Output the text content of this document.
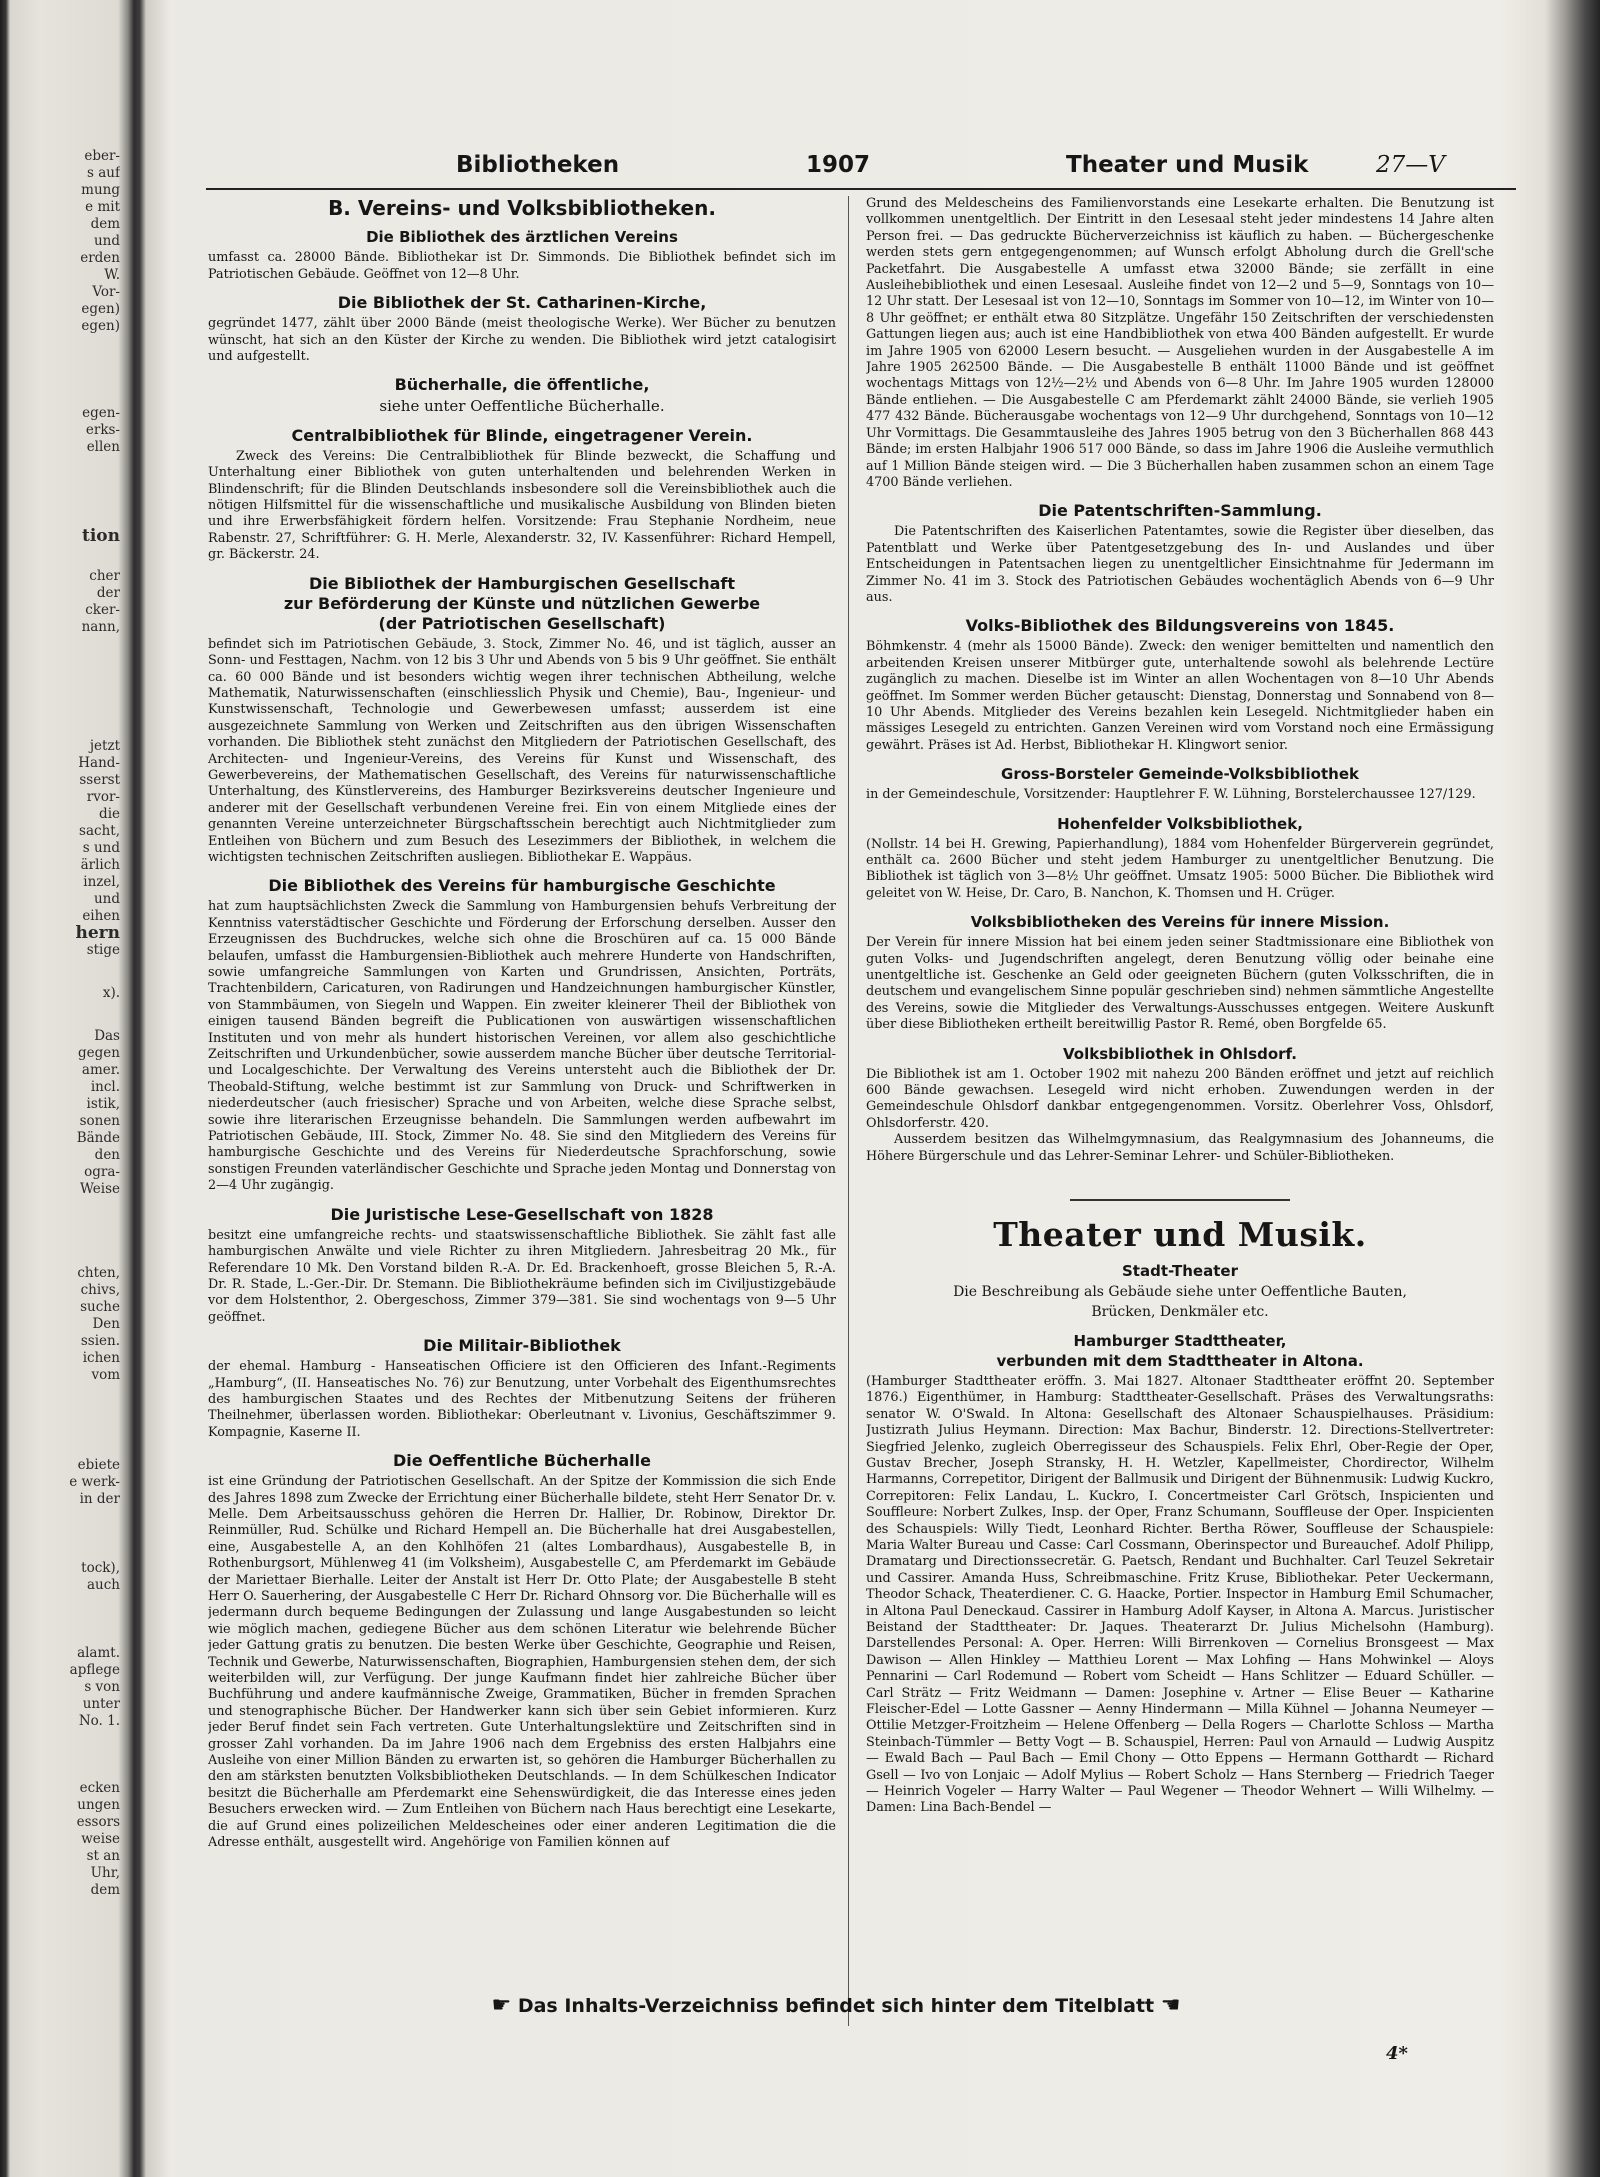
eber-
s auf
mung
e mit
dem
und
erden
W.
Vor-
egen)
egen)
egen-
erks-
ellen
tion
cher
der
cker-
nann,
jetzt
Hand-
sserst
rvor-
die
sacht,
s und
ärlich
inzel,
und
eihen
hern
stige
x).
Das
gegen
amer.
incl.
istik,
sonen
Bände
den
ogra-
Weise
chten,
chivs,
suche
Den
ssien.
ichen
vom
ebiete
e werk-
in der
tock),
auch
alamt.
apflege
s von
unter
No. 1.
ecken
ungen
essors
weise
st an
Uhr,
dem
Bibliotheken	1907	Theater und Musik	27—V
B. Vereins- und Volksbibliotheken.
Die Bibliothek des ärztlichen Vereins

umfasst ca. 28000 Bände. Bibliothekar ist Dr. Simmonds. Die Bibliothek befindet sich im Patriotischen Gebäude. Geöffnet von 12—8 Uhr.

Die Bibliothek der St. Catharinen-Kirche,

gegründet 1477, zählt über 2000 Bände (meist theologische Werke). Wer Bücher zu benutzen wünscht, hat sich an den Küster der Kirche zu wenden. Die Bibliothek wird jetzt catalogisirt und aufgestellt.

Bücherhalle, die öffentliche,
siehe unter Oeffentliche Bücherhalle.
Centralbibliothek für Blinde, eingetragener Verein.

Zweck des Vereins: Die Centralbibliothek für Blinde bezweckt, die Schaffung und Unterhaltung einer Bibliothek von guten unterhaltenden und belehrenden Werken in Blindenschrift; für die Blinden Deutschlands insbesondere soll die Vereinsbibliothek auch die nötigen Hilfsmittel für die wissenschaftliche und musikalische Ausbildung von Blinden bieten und ihre Erwerbsfähigkeit fördern helfen. Vorsitzende: Frau Stephanie Nordheim, neue Rabenstr. 27, Schriftführer: G. H. Merle, Alexanderstr. 32, IV. Kassenführer: Richard Hempell, gr. Bäckerstr. 24.

Die Bibliothek der Hamburgischen Gesellschaft
zur Beförderung der Künste und nützlichen Gewerbe
(der Patriotischen Gesellschaft)

befindet sich im Patriotischen Gebäude, 3. Stock, Zimmer No. 46, und ist täglich, ausser an Sonn- und Festtagen, Nachm. von 12 bis 3 Uhr und Abends von 5 bis 9 Uhr geöffnet. Sie enthält ca. 60 000 Bände und ist besonders wichtig wegen ihrer technischen Abtheilung, welche Mathematik, Naturwissenschaften (einschliesslich Physik und Chemie), Bau-, Ingenieur- und Kunstwissenschaft, Technologie und Gewerbewesen umfasst; ausserdem ist eine ausgezeichnete Sammlung von Werken und Zeitschriften aus den übrigen Wissenschaften vorhanden. Die Bibliothek steht zunächst den Mitgliedern der Patriotischen Gesellschaft, des Architecten- und Ingenieur-Vereins, des Vereins für Kunst und Wissenschaft, des Gewerbevereins, der Mathematischen Gesellschaft, des Vereins für naturwissenschaftliche Unterhaltung, des Künstlervereins, des Hamburger Bezirksvereins deutscher Ingenieure und anderer mit der Gesellschaft verbundenen Vereine frei. Ein von einem Mitgliede eines der genannten Vereine unterzeichneter Bürgschaftsschein berechtigt auch Nichtmitglieder zum Entleihen von Büchern und zum Besuch des Lesezimmers der Bibliothek, in welchem die wichtigsten technischen Zeitschriften ausliegen. Bibliothekar E. Wappäus.

Die Bibliothek des Vereins für hamburgische Geschichte

hat zum hauptsächlichsten Zweck die Sammlung von Hamburgensien behufs Verbreitung der Kenntniss vaterstädtischer Geschichte und Förderung der Erforschung derselben. Ausser den Erzeugnissen des Buchdruckes, welche sich ohne die Broschüren auf ca. 15 000 Bände belaufen, umfasst die Hamburgensien-Bibliothek auch mehrere Hunderte von Handschriften, sowie umfangreiche Sammlungen von Karten und Grundrissen, Ansichten, Porträts, Trachtenbildern, Caricaturen, von Radirungen und Handzeichnungen hamburgischer Künstler, von Stammbäumen, von Siegeln und Wappen. Ein zweiter kleinerer Theil der Bibliothek von einigen tausend Bänden begreift die Publicationen von auswärtigen wissenschaftlichen Instituten und von mehr als hundert historischen Vereinen, vor allem also geschichtliche Zeitschriften und Urkundenbücher, sowie ausserdem manche Bücher über deutsche Territorial- und Localgeschichte. Der Verwaltung des Vereins untersteht auch die Bibliothek der Dr. Theobald-Stiftung, welche bestimmt ist zur Sammlung von Druck- und Schriftwerken in niederdeutscher (auch friesischer) Sprache und von Arbeiten, welche diese Sprache selbst, sowie ihre literarischen Erzeugnisse behandeln. Die Sammlungen werden aufbewahrt im Patriotischen Gebäude, III. Stock, Zimmer No. 48. Sie sind den Mitgliedern des Vereins für hamburgische Geschichte und des Vereins für Niederdeutsche Sprachforschung, sowie sonstigen Freunden vaterländischer Geschichte und Sprache jeden Montag und Donnerstag von 2—4 Uhr zugängig.

Die Juristische Lese-Gesellschaft von 1828

besitzt eine umfangreiche rechts- und staatswissenschaftliche Bibliothek. Sie zählt fast alle hamburgischen Anwälte und viele Richter zu ihren Mitgliedern. Jahresbeitrag 20 Mk., für Referendare 10 Mk. Den Vorstand bilden R.-A. Dr. Ed. Brackenhoeft, grosse Bleichen 5, R.-A. Dr. R. Stade, L.-Ger.-Dir. Dr. Stemann. Die Bibliothekräume befinden sich im Civiljustizgebäude vor dem Holstenthor, 2. Obergeschoss, Zimmer 379—381. Sie sind wochentags von 9—5 Uhr geöffnet.

Die Militair-Bibliothek

der ehemal. Hamburg - Hanseatischen Officiere ist den Officieren des Infant.-Regiments „Hamburg“, (II. Hanseatisches No. 76) zur Benutzung, unter Vorbehalt des Eigenthumsrechtes des hamburgischen Staates und des Rechtes der Mitbenutzung Seitens der früheren Theilnehmer, überlassen worden. Bibliothekar: Oberleutnant v. Livonius, Geschäftszimmer 9. Kompagnie, Kaserne II.

Die Oeffentliche Bücherhalle

ist eine Gründung der Patriotischen Gesellschaft. An der Spitze der Kommission die sich Ende des Jahres 1898 zum Zwecke der Errichtung einer Bücherhalle bildete, steht Herr Senator Dr. v. Melle. Dem Arbeitsausschuss gehören die Herren Dr. Hallier, Dr. Robinow, Direktor Dr. Reinmüller, Rud. Schülke und Richard Hempell an. Die Bücherhalle hat drei Ausgabestellen, eine, Ausgabestelle A, an den Kohlhöfen 21 (altes Lombardhaus), Ausgabestelle B, in Rothenburgsort, Mühlenweg 41 (im Volksheim), Ausgabestelle C, am Pferdemarkt im Gebäude der Mariettaer Bierhalle. Leiter der Anstalt ist Herr Dr. Otto Plate; der Ausgabestelle B steht Herr O. Sauerhering, der Ausgabestelle C Herr Dr. Richard Ohnsorg vor. Die Bücherhalle will es jedermann durch bequeme Bedingungen der Zulassung und lange Ausgabestunden so leicht wie möglich machen, gediegene Bücher aus dem schönen Literatur wie belehrende Bücher jeder Gattung gratis zu benutzen. Die besten Werke über Geschichte, Geographie und Reisen, Technik und Gewerbe, Naturwissenschaften, Biographien, Hamburgensien stehen dem, der sich weiterbilden will, zur Verfügung. Der junge Kaufmann findet hier zahlreiche Bücher über Buchführung und andere kaufmännische Zweige, Grammatiken, Bücher in fremden Sprachen und stenographische Bücher. Der Handwerker kann sich über sein Gebiet informieren. Kurz jeder Beruf findet sein Fach vertreten. Gute Unterhaltungslektüre und Zeitschriften sind in grosser Zahl vorhanden. Da im Jahre 1906 nach dem Ergebniss des ersten Halbjahrs eine Ausleihe von einer Million Bänden zu erwarten ist, so gehören die Hamburger Bücherhallen zu den am stärksten benutzten Volksbibliotheken Deutschlands. — In dem Schülkeschen Indicator besitzt die Bücherhalle am Pferdemarkt eine Sehenswürdigkeit, die das Interesse eines jeden Besuchers erwecken wird. — Zum Entleihen von Büchern nach Haus berechtigt eine Lesekarte, die auf Grund eines polizeilichen Meldescheines oder einer anderen Legitimation die die Adresse enthält, ausgestellt wird. Angehörige von Familien können auf

Grund des Meldescheins des Familienvorstands eine Lesekarte erhalten. Die Benutzung ist vollkommen unentgeltlich. Der Eintritt in den Lesesaal steht jeder mindestens 14 Jahre alten Person frei. — Das gedruckte Bücherverzeichniss ist käuflich zu haben. — Büchergeschenke werden stets gern entgegengenommen; auf Wunsch erfolgt Abholung durch die Grell'sche Packetfahrt. Die Ausgabestelle A umfasst etwa 32000 Bände; sie zerfällt in eine Ausleihebibliothek und einen Lesesaal. Ausleihe findet von 12—2 und 5—9, Sonntags von 10—12 Uhr statt. Der Lesesaal ist von 12—10, Sonntags im Sommer von 10—12, im Winter von 10—8 Uhr geöffnet; er enthält etwa 80 Sitzplätze. Ungefähr 150 Zeitschriften der verschiedensten Gattungen liegen aus; auch ist eine Handbibliothek von etwa 400 Bänden aufgestellt. Er wurde im Jahre 1905 von 62000 Lesern besucht. — Ausgeliehen wurden in der Ausgabestelle A im Jahre 1905 262500 Bände. — Die Ausgabestelle B enthält 11000 Bände und ist geöffnet wochentags Mittags von 12½—2½ und Abends von 6—8 Uhr. Im Jahre 1905 wurden 128000 Bände entliehen. — Die Ausgabestelle C am Pferdemarkt zählt 24000 Bände, sie verlieh 1905 477 432 Bände. Bücherausgabe wochentags von 12—9 Uhr durchgehend, Sonntags von 10—12 Uhr Vormittags. Die Gesammtausleihe des Jahres 1905 betrug von den 3 Bücherhallen 868 443 Bände; im ersten Halbjahr 1906 517 000 Bände, so dass im Jahre 1906 die Ausleihe vermuthlich auf 1 Million Bände steigen wird. — Die 3 Bücherhallen haben zusammen schon an einem Tage 4700 Bände verliehen.

Die Patentschriften-Sammlung.

Die Patentschriften des Kaiserlichen Patentamtes, sowie die Register über dieselben, das Patentblatt und Werke über Patentgesetzgebung des In- und Auslandes und über Entscheidungen in Patentsachen liegen zu unentgeltlicher Einsichtnahme für Jedermann im Zimmer No. 41 im 3. Stock des Patriotischen Gebäudes wochentäglich Abends von 6—9 Uhr aus.

Volks-Bibliothek des Bildungsvereins von 1845.

Böhmkenstr. 4 (mehr als 15000 Bände). Zweck: den weniger bemittelten und namentlich den arbeitenden Kreisen unserer Mitbürger gute, unterhaltende sowohl als belehrende Lectüre zugänglich zu machen. Dieselbe ist im Winter an allen Wochentagen von 8—10 Uhr Abends geöffnet. Im Sommer werden Bücher getauscht: Dienstag, Donnerstag und Sonnabend von 8—10 Uhr Abends. Mitglieder des Vereins bezahlen kein Lesegeld. Nichtmitglieder haben ein mässiges Lesegeld zu entrichten. Ganzen Vereinen wird vom Vorstand noch eine Ermässigung gewährt. Präses ist Ad. Herbst, Bibliothekar H. Klingwort senior.

Gross-Borsteler Gemeinde-Volksbibliothek

in der Gemeindeschule, Vorsitzender: Hauptlehrer F. W. Lühning, Borstelerchaussee 127/129.

Hohenfelder Volksbibliothek,

(Nollstr. 14 bei H. Grewing, Papierhandlung), 1884 vom Hohenfelder Bürgerverein gegründet, enthält ca. 2600 Bücher und steht jedem Hamburger zu unentgeltlicher Benutzung. Die Bibliothek ist täglich von 3—8½ Uhr geöffnet. Umsatz 1905: 5000 Bücher. Die Bibliothek wird geleitet von W. Heise, Dr. Caro, B. Nanchon, K. Thomsen und H. Crüger.

Volksbibliotheken des Vereins für innere Mission.

Der Verein für innere Mission hat bei einem jeden seiner Stadtmissionare eine Bibliothek von guten Volks- und Jugendschriften angelegt, deren Benutzung völlig oder beinahe eine unentgeltliche ist. Geschenke an Geld oder geeigneten Büchern (guten Volksschriften, die in deutschem und evangelischem Sinne populär geschrieben sind) nehmen sämmtliche Angestellte des Vereins, sowie die Mitglieder des Verwaltungs-Ausschusses entgegen. Weitere Auskunft über diese Bibliotheken ertheilt bereitwillig Pastor R. Remé, oben Borgfelde 65.

Volksbibliothek in Ohlsdorf.

Die Bibliothek ist am 1. October 1902 mit nahezu 200 Bänden eröffnet und jetzt auf reichlich 600 Bände gewachsen. Lesegeld wird nicht erhoben. Zuwendungen werden in der Gemeindeschule Ohlsdorf dankbar entgegengenommen. Vorsitz. Oberlehrer Voss, Ohlsdorf, Ohlsdorferstr. 420.

Ausserdem besitzen das Wilhelmgymnasium, das Realgymnasium des Johanneums, die Höhere Bürgerschule und das Lehrer-Seminar Lehrer- und Schüler-Bibliotheken.

Theater und Musik.
Stadt-Theater
Die Beschreibung als Gebäude siehe unter Oeffentliche Bauten,
Brücken, Denkmäler etc.
Hamburger Stadttheater,
verbunden mit dem Stadttheater in Altona.

(Hamburger Stadttheater eröffn. 3. Mai 1827. Altonaer Stadttheater eröffnt 20. September 1876.) Eigenthümer, in Hamburg: Stadttheater-Gesellschaft. Präses des Verwaltungsraths: senator W. O'Swald. In Altona: Gesellschaft des Altonaer Schauspielhauses. Präsidium: Justizrath Julius Heymann. Direction: Max Bachur, Binderstr. 12. Directions-Stellvertreter: Siegfried Jelenko, zugleich Oberregisseur des Schauspiels. Felix Ehrl, Ober-Regie der Oper, Gustav Brecher, Joseph Stransky, H. H. Wetzler, Kapellmeister, Chordirector, Wilhelm Harmanns, Correpetitor, Dirigent der Ballmusik und Dirigent der Bühnenmusik: Ludwig Kuckro, Correpitoren: Felix Landau, L. Kuckro, I. Concertmeister Carl Grötsch, Inspicienten und Souffleure: Norbert Zulkes, Insp. der Oper, Franz Schumann, Souffleuse der Oper. Inspicienten des Schauspiels: Willy Tiedt, Leonhard Richter. Bertha Röwer, Souffleuse der Schauspiele: Maria Walter Bureau und Casse: Carl Cossmann, Oberinspector und Bureauchef. Adolf Philipp, Dramatarg und Directionssecretär. G. Paetsch, Rendant und Buchhalter. Carl Teuzel Sekretair und Cassirer. Amanda Huss, Schreibmaschine. Fritz Kruse, Bibliothekar. Peter Ueckermann, Theodor Schack, Theaterdiener. C. G. Haacke, Portier. Inspector in Hamburg Emil Schumacher, in Altona Paul Deneckaud. Cassirer in Hamburg Adolf Kayser, in Altona A. Marcus. Juristischer Beistand der Stadttheater: Dr. Jaques. Theaterarzt Dr. Julius Michelsohn (Hamburg). Darstellendes Personal: A. Oper. Herren: Willi Birrenkoven — Cornelius Bronsgeest — Max Dawison — Allen Hinkley — Matthieu Lorent — Max Lohfing — Hans Mohwinkel — Aloys Pennarini — Carl Rodemund — Robert vom Scheidt — Hans Schlitzer — Eduard Schüller. — Carl Strätz — Fritz Weidmann — Damen: Josephine v. Artner — Elise Beuer — Katharine Fleischer-Edel — Lotte Gassner — Aenny Hindermann — Milla Kühnel — Johanna Neumeyer — Ottilie Metzger-Froitzheim — Helene Offenberg — Della Rogers — Charlotte Schloss — Martha Steinbach-Tümmler — Betty Vogt — B. Schauspiel, Herren: Paul von Arnauld — Ludwig Auspitz — Ewald Bach — Paul Bach — Emil Chony — Otto Eppens — Hermann Gotthardt — Richard Gsell — Ivo von Lonjaic — Adolf Mylius — Robert Scholz — Hans Sternberg — Friedrich Taeger — Heinrich Vogeler — Harry Walter — Paul Wegener — Theodor Wehnert — Willi Wilhelmy. — Damen: Lina Bach-Bendel —

☛ Das Inhalts-Verzeichniss befindet sich hinter dem Titelblatt ☚
4*
